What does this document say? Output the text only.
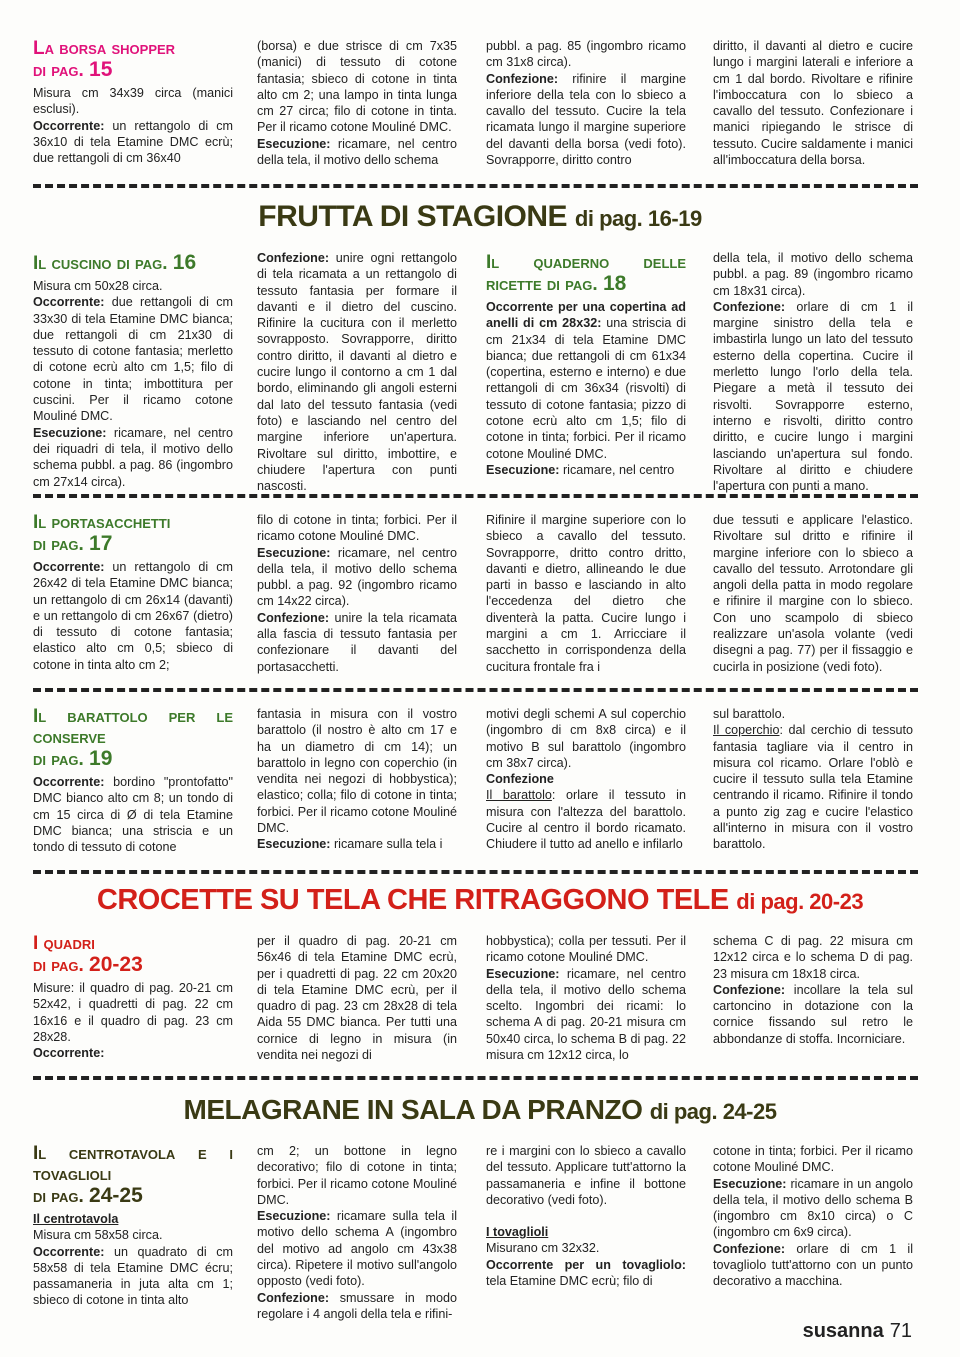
La borsa shopper
di pag. 15

Misura cm 34x39 circa (manici esclusi).

Occorrente: un rettangolo di cm 36x10 di tela Etamine DMC ecrù; due rettangoli di cm 36x40

(borsa) e due strisce di cm 7x35 (manici) di tessuto di cotone fantasia; sbieco di cotone in tinta alto cm 2; una lampo in tinta lunga cm 27 circa; filo di cotone in tinta. Per il ricamo cotone Mouliné DMC.

Esecuzione: ricamare, nel centro della tela, il motivo dello schema

pubbl. a pag. 85 (ingombro ricamo cm 31x8 circa).

Confezione: rifinire il margine inferiore della tela con lo sbieco a cavallo del tessuto. Cucire la tela ricamata lungo il margine superiore del davanti della borsa (vedi foto). Sovrapporre, diritto contro

diritto, il davanti al dietro e cucire lungo i margini laterali e inferiore a cm 1 dal bordo. Rivoltare e rifinire l'imboccatura con lo sbieco a cavallo del tessuto. Confezionare i manici ripiegando le strisce di tessuto. Cucire saldamente i manici all'imboccatura della borsa.

FRUTTA DI STAGIONE di pag. 16-19
Il cuscino di pag. 16

Misura cm 50x28 circa.

Occorrente: due rettangoli di cm 33x30 di tela Etamine DMC bianca; due rettangoli di cm 21x30 di tessuto di cotone fantasia; merletto di cotone ecrù alto cm 1,5; filo di cotone in tinta; imbottitura per cuscini. Per il ricamo cotone Mouliné DMC.

Esecuzione: ricamare, nel centro dei riquadri di tela, il motivo dello schema pubbl. a pag. 86 (ingombro cm 27x14 circa).

Confezione: unire ogni rettangolo di tela ricamata a un rettangolo di tessuto fantasia per formare il davanti e il dietro del cuscino. Rifinire la cucitura con il merletto sovrapposto. Sovrapporre, diritto contro diritto, il davanti al dietro e cucire lungo il contorno a cm 1 dal bordo, eliminando gli angoli esterni dal lato del tessuto fantasia (vedi foto) e lasciando nel centro del margine inferiore un'apertura. Rivoltare sul diritto, imbottire, e chiudere l'apertura con punti nascosti.

Il quaderno delle ricette di pag. 18

Occorrente per una copertina ad anelli di cm 28x32: una striscia di cm 21x34 di tela Etamine DMC bianca; due rettangoli di cm 61x34 (copertina, esterno e interno) e due rettangoli di cm 36x34 (risvolti) di tessuto di cotone fantasia; pizzo di cotone ecrù alto cm 1,5; filo di cotone in tinta; forbici. Per il ricamo cotone Mouliné DMC.

Esecuzione: ricamare, nel centro

della tela, il motivo dello schema pubbl. a pag. 89 (ingombro ricamo cm 18x31 circa).

Confezione: orlare di cm 1 il margine sinistro della tela e imbastirla lungo un lato del tessuto esterno della copertina. Cucire il merletto lungo l'orlo della tela. Piegare a metà il tessuto dei risvolti. Sovrapporre esterno, interno e risvolti, diritto contro diritto, e cucire lungo i margini lasciando un'apertura sul fondo. Rivoltare al diritto e chiudere l'apertura con punti a mano.

Il portasacchetti
di pag. 17

Occorrente: un rettangolo di cm 26x42 di tela Etamine DMC bianca; un rettangolo di cm 26x14 (davanti) e un rettangolo di cm 26x67 (dietro) di tessuto di cotone fantasia; elastico alto cm 0,5; sbieco di cotone in tinta alto cm 2;

filo di cotone in tinta; forbici. Per il ricamo cotone Mouliné DMC.

Esecuzione: ricamare, nel centro della tela, il motivo dello schema pubbl. a pag. 92 (ingombro ricamo cm 14x22 circa).

Confezione: unire la tela ricamata alla fascia di tessuto fantasia per confezionare il davanti del portasacchetti.

Rifinire il margine superiore con lo sbieco a cavallo del tessuto. Sovrapporre, dritto contro dritto, davanti e dietro, allineando le due parti in basso e lasciando in alto l'eccedenza del dietro che diventerà la patta. Cucire lungo i margini a cm 1. Arricciare il sacchetto in corrispondenza della cucitura frontale fra i

due tessuti e applicare l'elastico. Rivoltare sul dritto e rifinire il margine inferiore con lo sbieco a cavallo del tessuto. Arrotondare gli angoli della patta in modo regolare e rifinire il margine con lo sbieco. Con uno scampolo di sbieco realizzare un'asola volante (vedi disegni a pag. 77) per il fissaggio e cucirla in posizione (vedi foto).

Il barattolo per le conserve
di pag. 19

Occorrente: bordino "prontofatto" DMC bianco alto cm 8; un tondo di cm 15 circa di Ø di tela Etamine DMC bianca; una striscia e un tondo di tessuto di cotone

fantasia in misura con il vostro barattolo (il nostro è alto cm 17 e ha un diametro di cm 14); un barattolo in legno con coperchio (in vendita nei negozi di hobbystica); elastico; colla; filo di cotone in tinta; forbici. Per il ricamo cotone Mouliné DMC.

Esecuzione: ricamare sulla tela i

motivi degli schemi A sul coperchio (ingombro di cm 8x8 circa) e il motivo B sul barattolo (ingombro cm 38x7 circa).

Confezione

Il barattolo: orlare il tessuto in misura con l'altezza del barattolo. Cucire al centro il bordo ricamato. Chiudere il tutto ad anello e infilarlo

sul barattolo.

Il coperchio: dal cerchio di tessuto fantasia tagliare via il centro in misura col ricamo. Orlare l'oblò e cucire il tessuto sulla tela Etamine centrando il ricamo. Rifinire il tondo a punto zig zag e cucire l'elastico all'interno in misura con il vostro barattolo.

CROCETTE SU TELA CHE RITRAGGONO TELE di pag. 20-23
I quadri
di pag. 20-23

Misure: il quadro di pag. 20-21 cm 52x42, i quadretti di pag. 22 cm 16x16 e il quadro di pag. 23 cm 28x28.

Occorrente:

per il quadro di pag. 20-21 cm 56x46 di tela Etamine DMC ecrù, per i quadretti di pag. 22 cm 20x20 di tela Etamine DMC ecrù, per il quadro di pag. 23 cm 28x28 di tela Aida 55 DMC bianca. Per tutti una cornice di legno in misura (in vendita nei negozi di

hobbystica); colla per tessuti. Per il ricamo cotone Mouliné DMC.

Esecuzione: ricamare, nel centro della tela, il motivo dello schema scelto. Ingombri dei ricami: lo schema A di pag. 20-21 misura cm 50x40 circa, lo schema B di pag. 22 misura cm 12x12 circa, lo

schema C di pag. 22 misura cm 12x12 circa e lo schema D di pag. 23 misura cm 18x18 circa.

Confezione: incollare la tela sul cartoncino in dotazione con la cornice fissando sul retro le abbondanze di stoffa. Incorniciare.

MELAGRANE IN SALA DA PRANZO di pag. 24-25
Il centrotavola e i tovaglioli
di pag. 24-25

Il centrotavola

Misura cm 58x58 circa.

Occorrente: un quadrato di cm 58x58 di tela Etamine DMC écru; passamaneria in juta alta cm 1; sbieco di cotone in tinta alto

cm 2; un bottone in legno decorativo; filo di cotone in tinta; forbici. Per il ricamo cotone Mouliné DMC.

Esecuzione: ricamare sulla tela il motivo dello schema A (ingombro del motivo ad angolo cm 43x38 circa). Ripetere il motivo sull'angolo opposto (vedi foto).

Confezione: smussare in modo regolare i 4 angoli della tela e rifini-

re i margini con lo sbieco a cavallo del tessuto. Applicare tutt'attorno la passamaneria e infine il bottone decorativo (vedi foto).

I tovaglioli

Misurano cm 32x32.

Occorrente per un tovagliolo: tela Etamine DMC ecrù; filo di

cotone in tinta; forbici. Per il ricamo cotone Mouliné DMC.

Esecuzione: ricamare in un angolo della tela, il motivo dello schema B (ingombro cm 8x10 circa) o C (ingombro cm 6x9 circa).

Confezione: orlare di cm 1 il tovagliolo tutt'attorno con un punto decorativo a macchina.

susanna 71
